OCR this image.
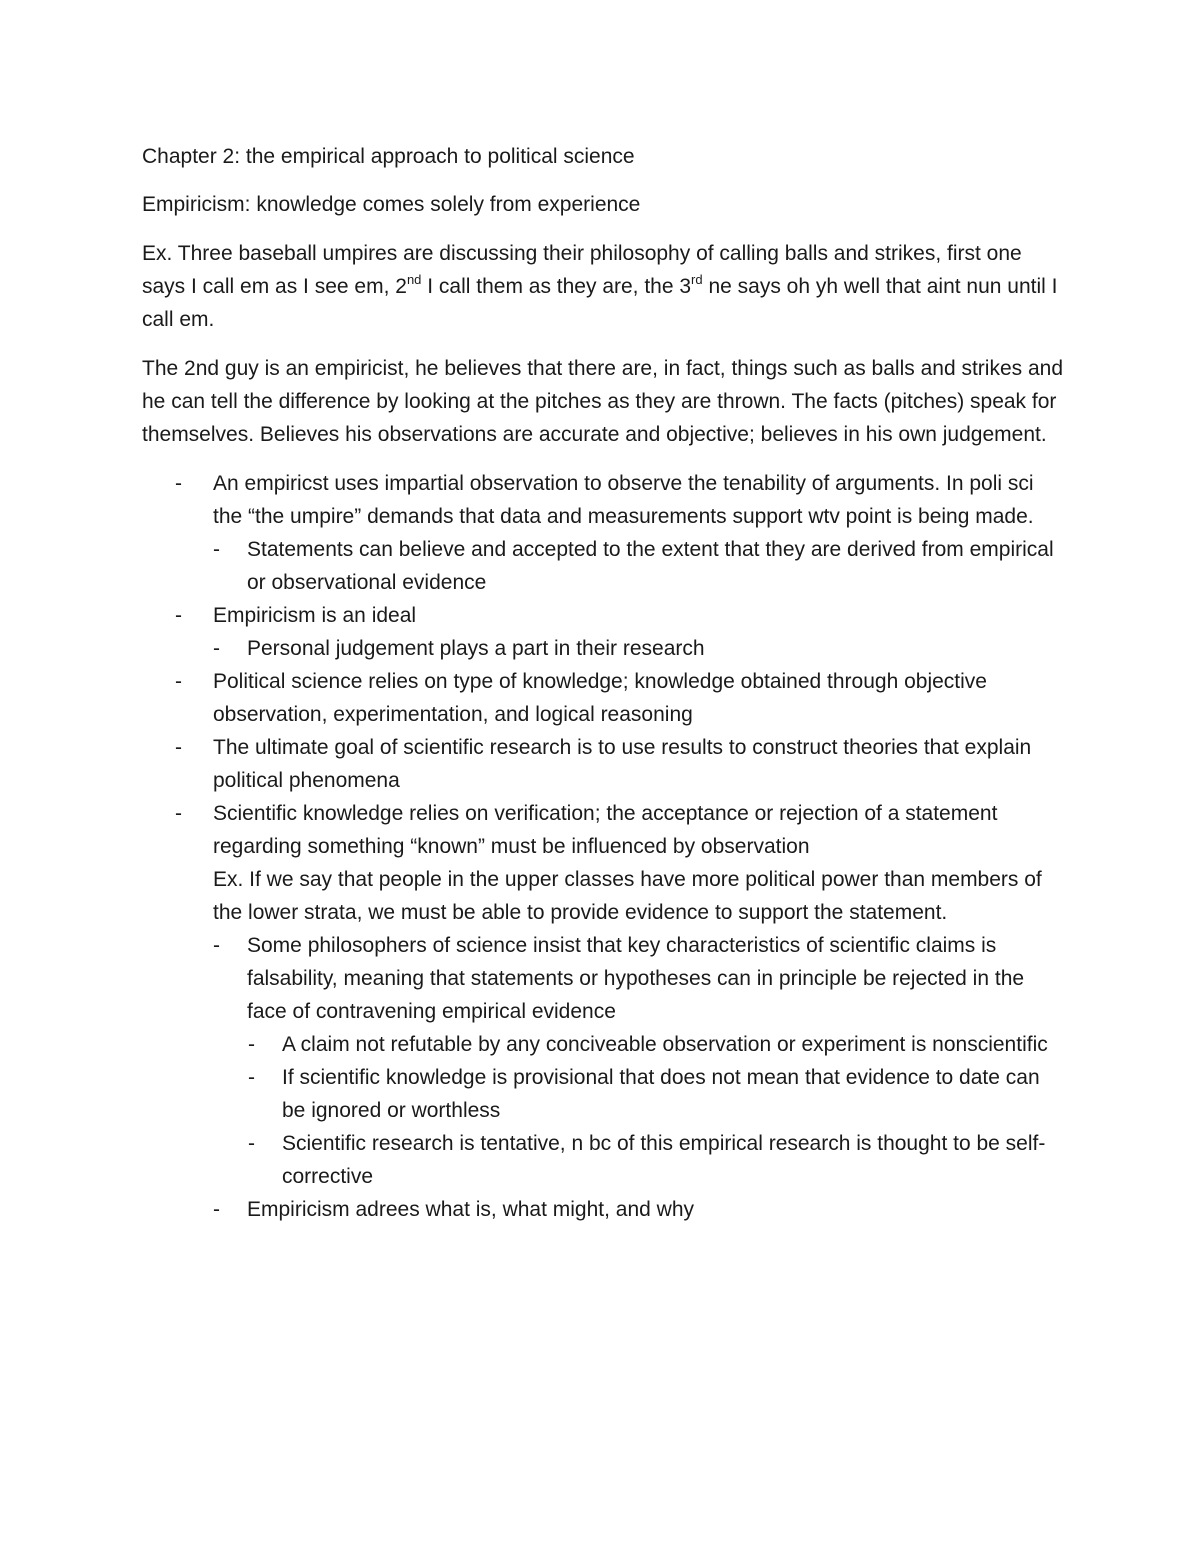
Chapter 2: the empirical approach to political science

Empiricism: knowledge comes solely from experience

Ex. Three baseball umpires are discussing their philosophy of calling balls and strikes, first one says I call em as I see em, 2nd I call them as they are, the 3rd ne says oh yh well that aint nun until I call em.

The 2nd guy is an empiricist, he believes that there are, in fact, things such as balls and strikes and he can tell the difference by looking at the pitches as they are thrown. The facts (pitches) speak for themselves. Believes his observations are accurate and objective; believes in his own judgement.

- An empiricst uses impartial observation to observe the tenability of arguments. In poli sci the “the umpire” demands that data and measurements support wtv point is being made.
- Statements can believe and accepted to the extent that they are derived from empirical or observational evidence
- Empiricism is an ideal
- Personal judgement plays a part in their research
- Political science relies on type of knowledge; knowledge obtained through objective observation, experimentation, and logical reasoning
- The ultimate goal of scientific research is to use results to construct theories that explain political phenomena
- Scientific knowledge relies on verification; the acceptance or rejection of a statement regarding something “known” must be influenced by observation
Ex. If we say that people in the upper classes have more political power than members of the lower strata, we must be able to provide evidence to support the statement.
- Some philosophers of science insist that key characteristics of scientific claims is falsability, meaning that statements or hypotheses can in principle be rejected in the face of contravening empirical evidence
- A claim not refutable by any conciveable observation or experiment is nonscientific
- If scientific knowledge is provisional that does not mean that evidence to date can be ignored or worthless
- Scientific research is tentative, n bc of this empirical research is thought to be self-corrective
- Empiricism adrees what is, what might, and why
